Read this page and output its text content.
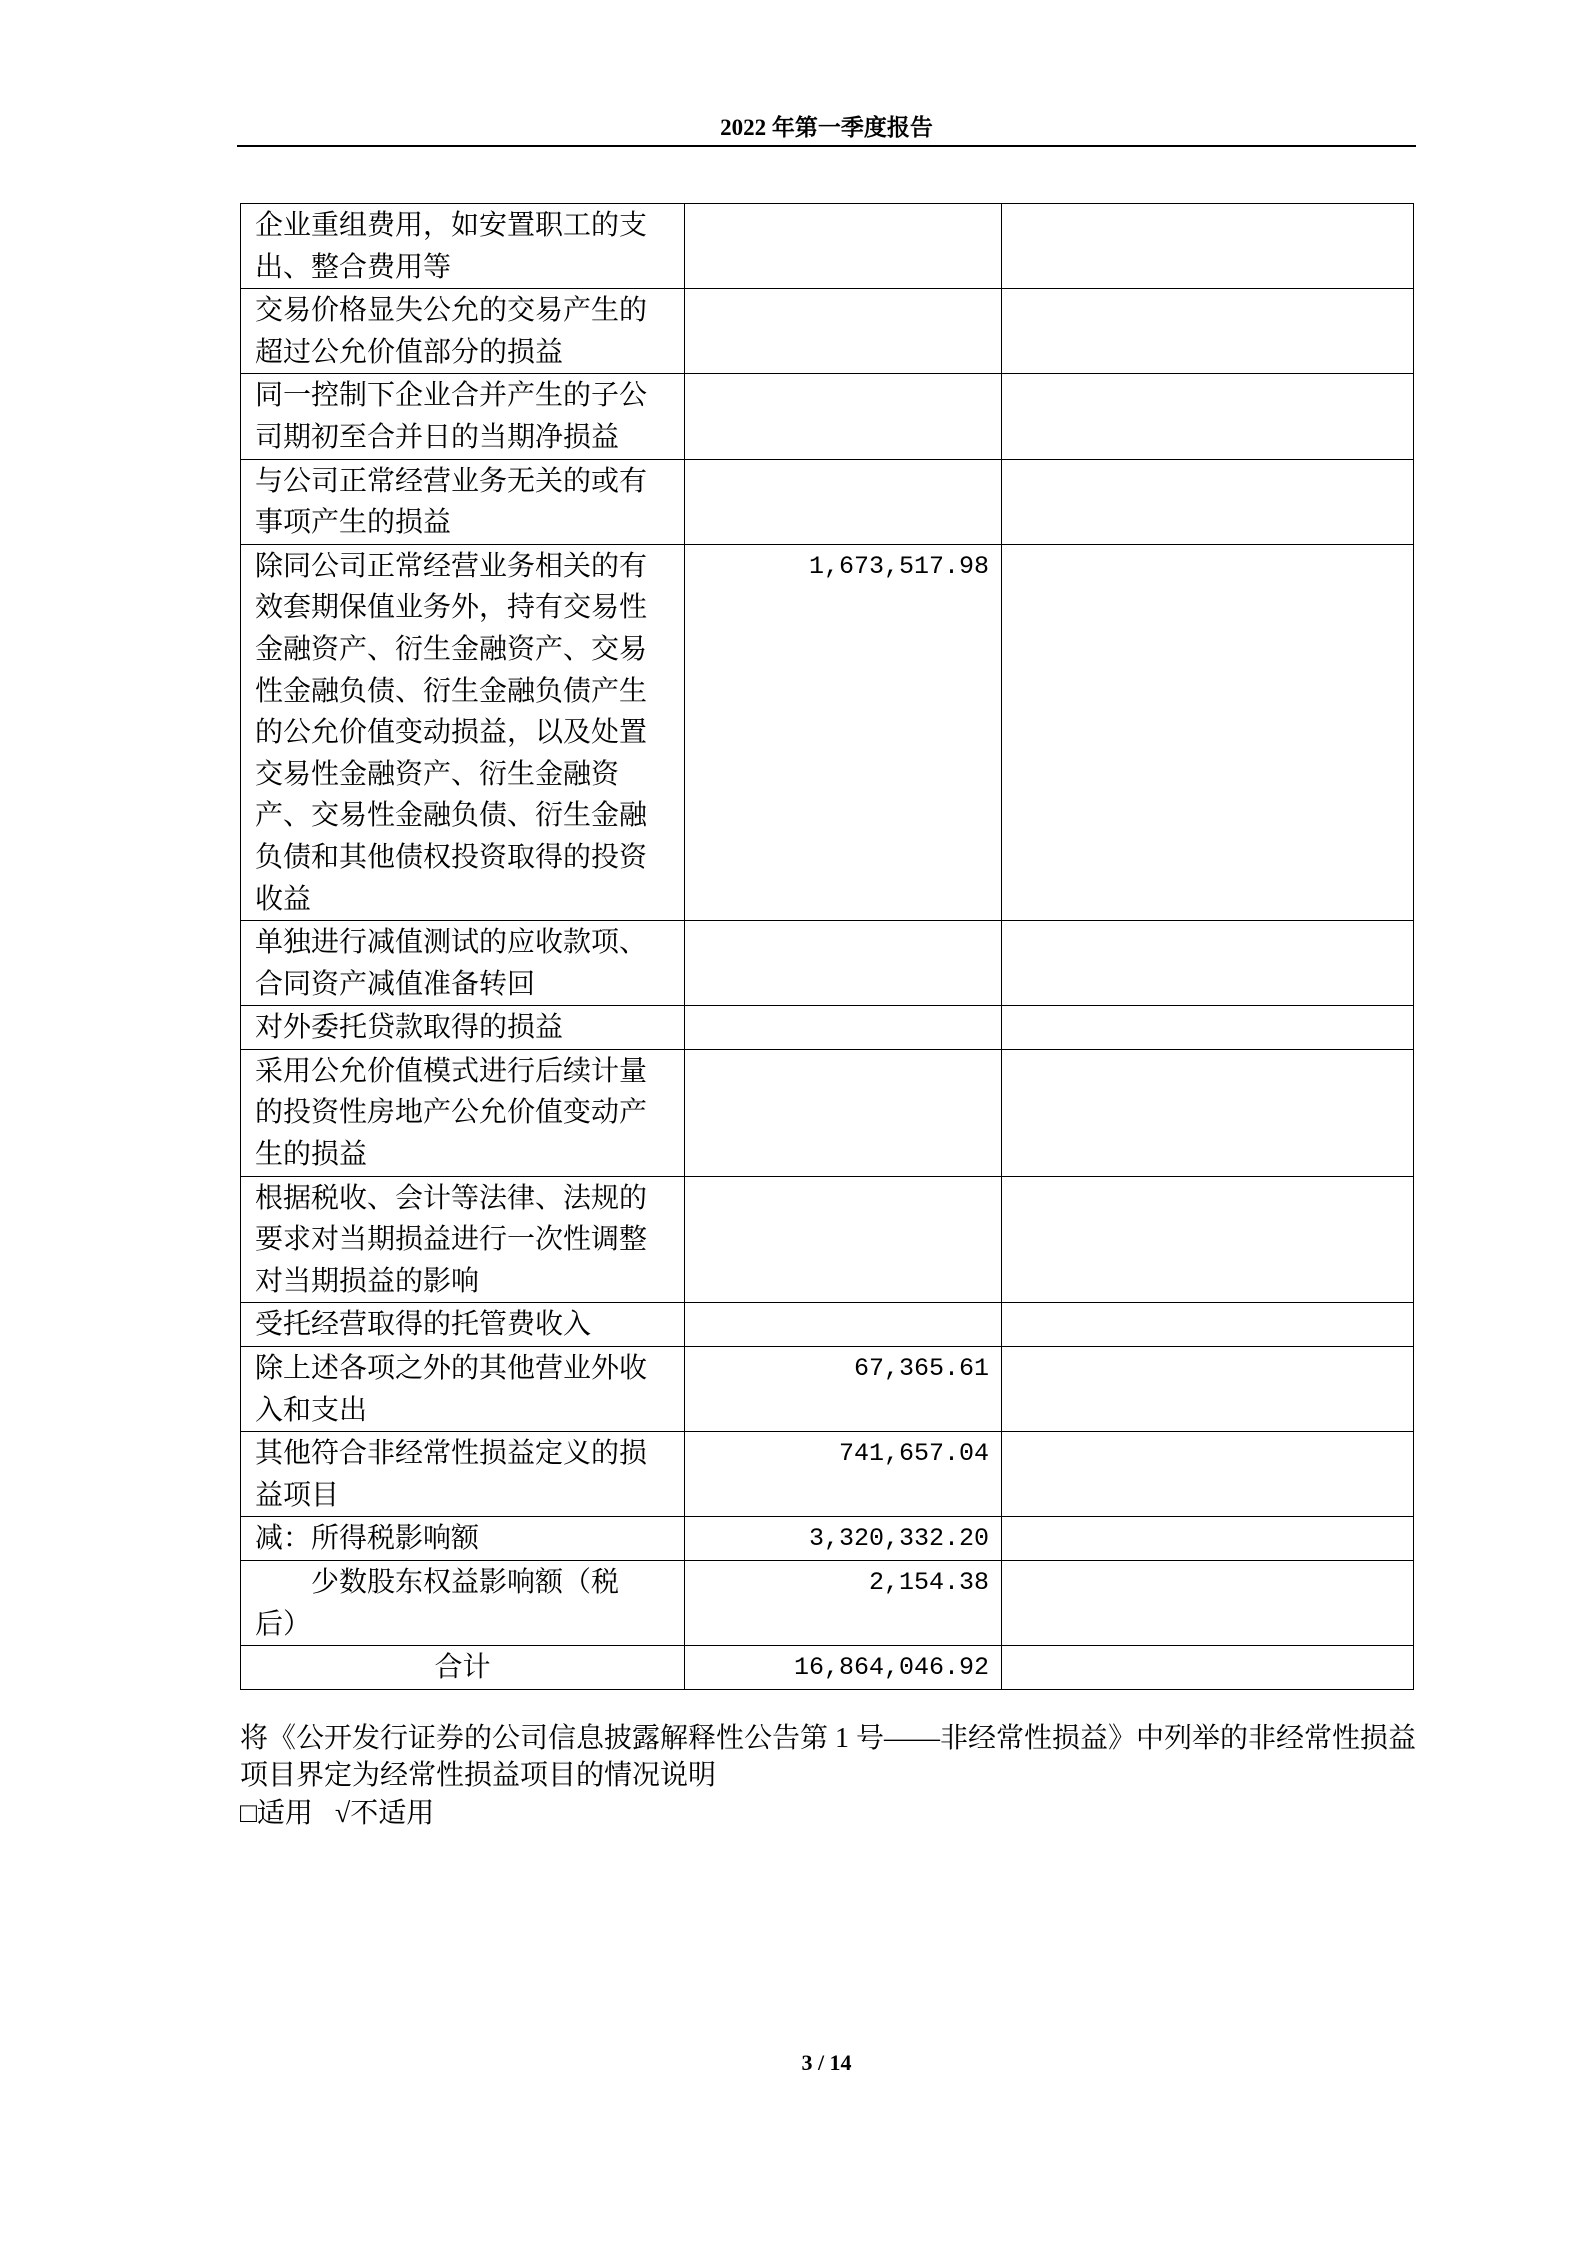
2022 年第一季度报告
企业重组费用，如安置职工的支出、整合费用等		
交易价格显失公允的交易产生的超过公允价值部分的损益		
同一控制下企业合并产生的子公司期初至合并日的当期净损益		
与公司正常经营业务无关的或有事项产生的损益		
除同公司正常经营业务相关的有效套期保值业务外，持有交易性金融资产、衍生金融资产、交易性金融负债、衍生金融负债产生的公允价值变动损益，以及处置交易性金融资产、衍生金融资产、交易性金融负债、衍生金融负债和其他债权投资取得的投资收益	1,673,517.98	
单独进行减值测试的应收款项、合同资产减值准备转回		
对外委托贷款取得的损益		
采用公允价值模式进行后续计量的投资性房地产公允价值变动产生的损益		
根据税收、会计等法律、法规的要求对当期损益进行一次性调整对当期损益的影响		
受托经营取得的托管费收入		
除上述各项之外的其他营业外收入和支出	67,365.61	
其他符合非经常性损益定义的损益项目	741,657.04	
减：所得税影响额	3,320,332.20	
少数股东权益影响额（税后）	2,154.38	
合计	16,864,046.92	
将《公开发行证券的公司信息披露解释性公告第 1 号——非经常性损益》中列举的非经常性损益项目界定为经常性损益项目的情况说明
□适用 √不适用
3 / 14
